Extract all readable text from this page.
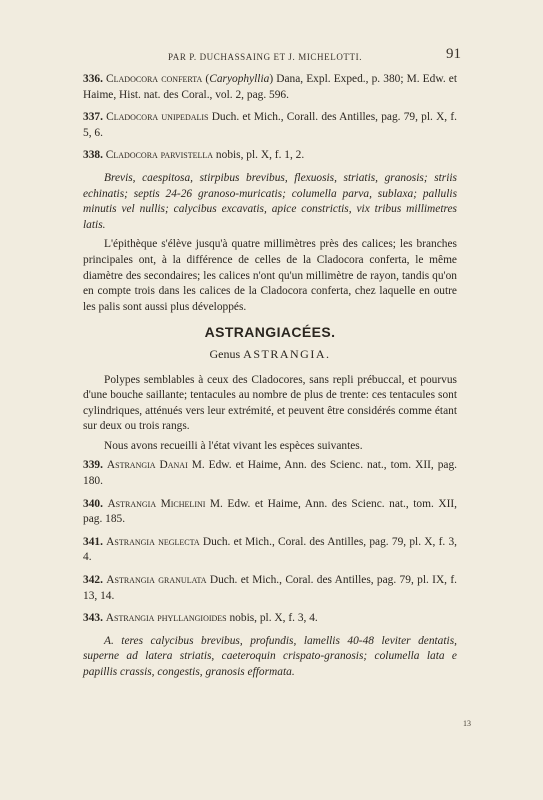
PAR P. DUCHASSAING ET J. MICHELOTTI.	91
336. Cladocora conferta (Caryophyllia) Dana, Expl. Exped., p. 380; M. Edw. et Haime, Hist. nat. des Coral., vol. 2, pag. 596.
337. Cladocora unipedalis Duch. et Mich., Corall. des Antilles, pag. 79, pl. X, f. 5, 6.
338. Cladocora parvistella nobis, pl. X, f. 1, 2.
Brevis, caespitosa, stirpibus brevibus, flexuosis, striatis, granosis; striis echinatis; septis 24-26 granoso-muricatis; columella parva, sublaxa; pallulis minutis vel nullis; calycibus excavatis, apice constrictis, vix tribus millimetres latis.
L'épithèque s'élève jusqu'à quatre millimètres près des calices; les branches principales ont, à la différence de celles de la Cladocora conferta, le même diamètre des secondaires; les calices n'ont qu'un millimètre de rayon, tandis qu'on en compte trois dans les calices de la Cladocora conferta, chez laquelle en outre les palis sont aussi plus développés.
ASTRANGIACÉES.
Genus ASTRANGIA.
Polypes semblables à ceux des Cladocores, sans repli prébuccal, et pourvus d'une bouche saillante; tentacules au nombre de plus de trente: ces tentacules sont cylindriques, atténués vers leur extrémité, et peuvent être considérés comme étant sur deux ou trois rangs.
Nous avons recueilli à l'état vivant les espèces suivantes.
339. Astrangia Danai M. Edw. et Haime, Ann. des Scienc. nat., tom. XII, pag. 180.
340. Astrangia Michelini M. Edw. et Haime, Ann. des Scienc. nat., tom. XII, pag. 185.
341. Astrangia neglecta Duch. et Mich., Coral. des Antilles, pag. 79, pl. X, f. 3, 4.
342. Astrangia granulata Duch. et Mich., Coral. des Antilles, pag. 79, pl. IX, f. 13, 14.
343. Astrangia phyllangioides nobis, pl. X, f. 3, 4.
A. teres calycibus brevibus, profundis, lamellis 40-48 leviter dentatis, superne ad latera striatis, caeteroquin crispato-granosis; columella lata e papillis crassis, congestis, granosis efformata.
13
